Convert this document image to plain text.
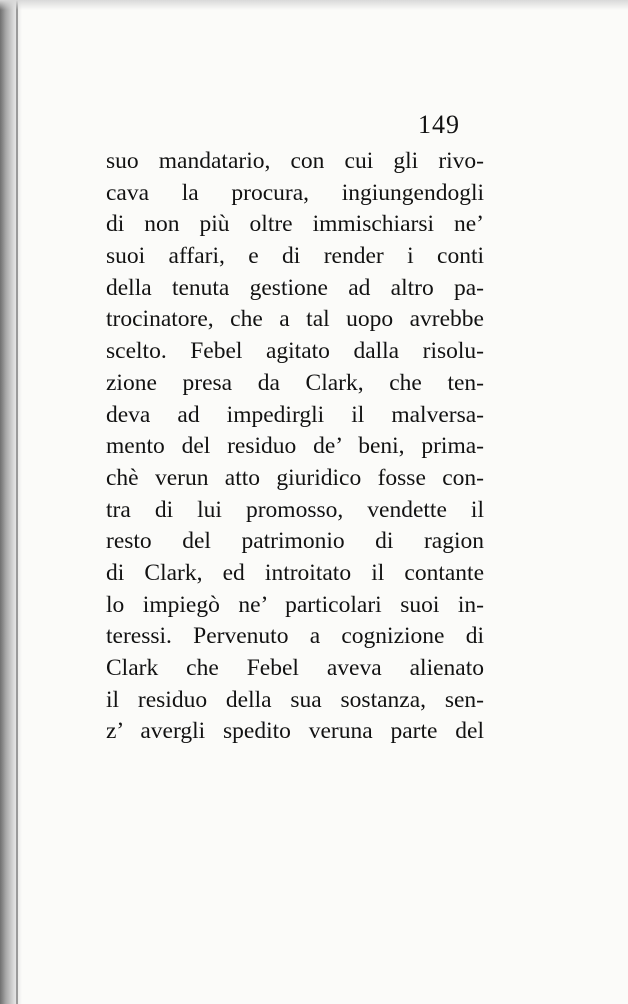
149
suo mandatario, con cui gli rivo-
cava la procura, ingiungendogli
di non più oltre immischiarsi ne’
suoi affari, e di render i conti
della tenuta gestione ad altro pa-
trocinatore, che a tal uopo avrebbe
scelto. Febel agitato dalla risolu-
zione presa da Clark, che ten-
deva ad impedirgli il malversa-
mento del residuo de’ beni, prima-
chè verun atto giuridico fosse con-
tra di lui promosso, vendette il
resto del patrimonio di ragion
di Clark, ed introitato il contante
lo impiegò ne’ particolari suoi in-
teressi. Pervenuto a cognizione di
Clark che Febel aveva alienato
il residuo della sua sostanza, sen-
z’ avergli spedito veruna parte del
